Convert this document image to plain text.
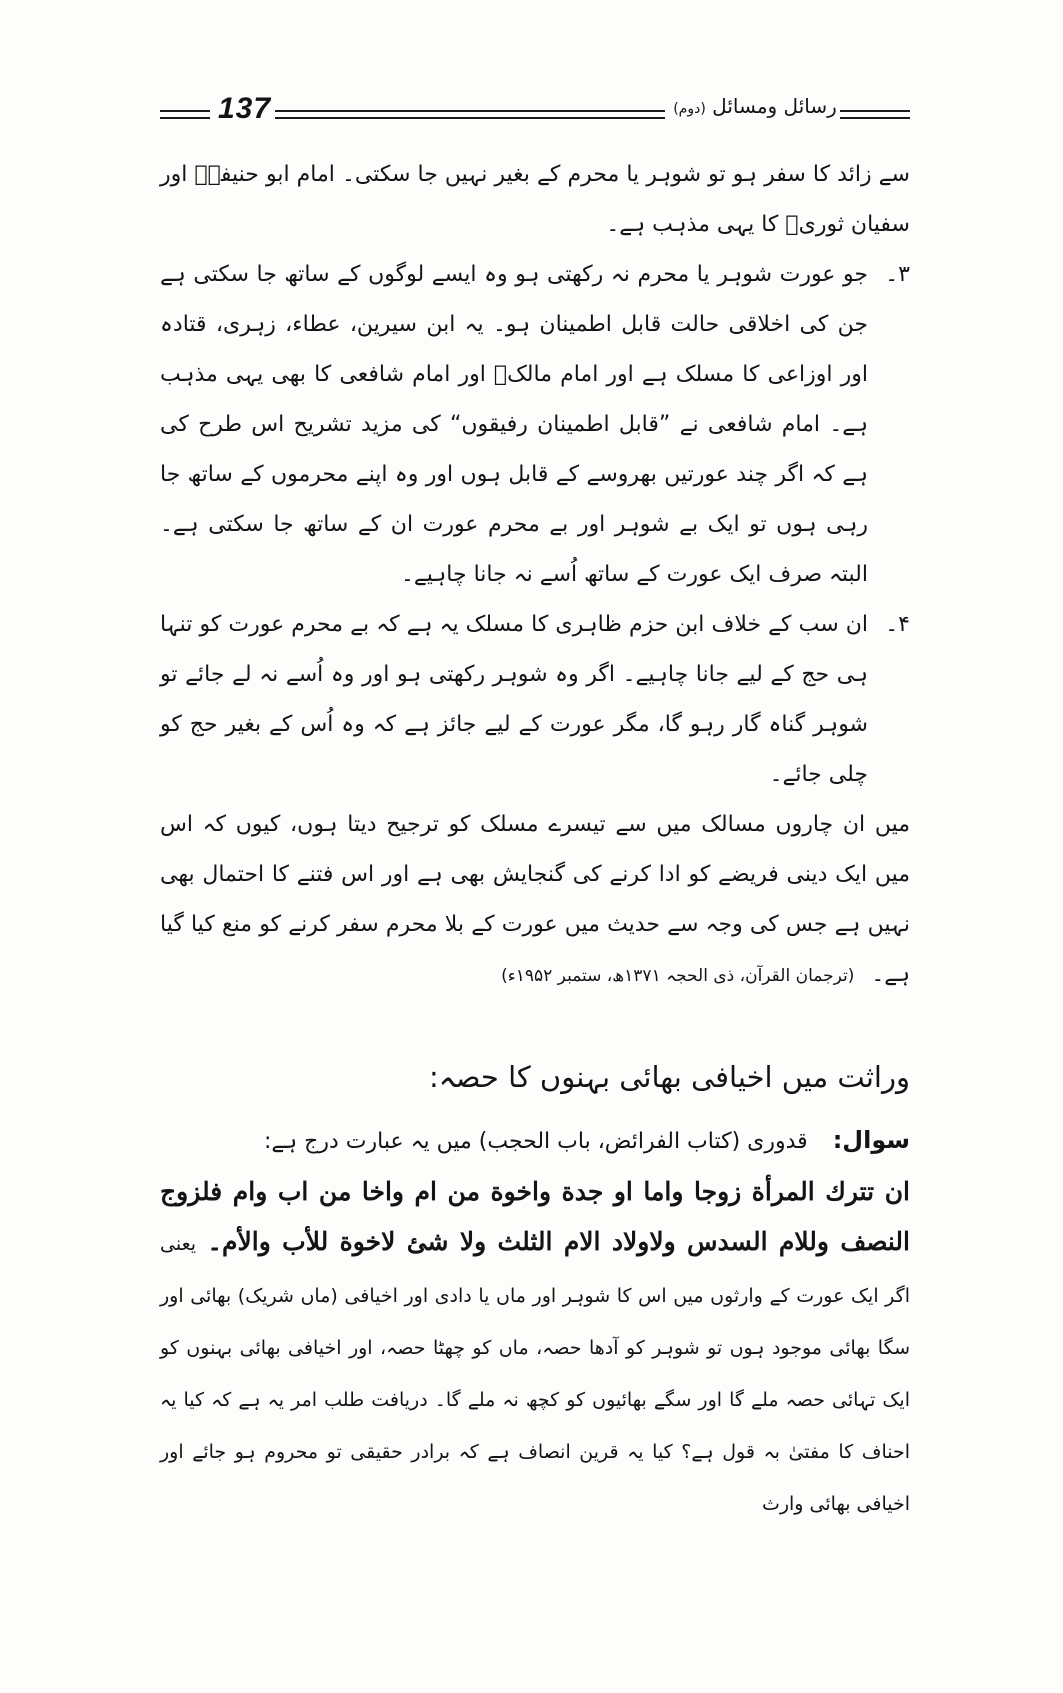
137	رسائل ومسائل (دوم)

سے زائد کا سفر ہو تو شوہر یا محرم کے بغیر نہیں جا سکتی۔ امام ابو حنیفہؒ اور سفیان ثوریؒ کا یہی مذہب ہے۔

۳۔

جو عورت شوہر یا محرم نہ رکھتی ہو وہ ایسے لوگوں کے ساتھ جا سکتی ہے جن کی اخلاقی حالت قابل اطمینان ہو۔ یہ ابن سیرین، عطاء، زہری، قتادہ اور اوزاعی کا مسلک ہے اور امام مالکؒ اور امام شافعی کا بھی یہی مذہب ہے۔ امام شافعی نے ”قابل اطمینان رفیقوں“ کی مزید تشریح اس طرح کی ہے کہ اگر چند عورتیں بھروسے کے قابل ہوں اور وہ اپنے محرموں کے ساتھ جا رہی ہوں تو ایک بے شوہر اور بے محرم عورت ان کے ساتھ جا سکتی ہے۔ البتہ صرف ایک عورت کے ساتھ اُسے نہ جانا چاہیے۔

۴۔

ان سب کے خلاف ابن حزم ظاہری کا مسلک یہ ہے کہ بے محرم عورت کو تنہا ہی حج کے لیے جانا چاہیے۔ اگر وہ شوہر رکھتی ہو اور وہ اُسے نہ لے جائے تو شوہر گناہ گار رہو گا، مگر عورت کے لیے جائز ہے کہ وہ اُس کے بغیر حج کو چلی جائے۔

میں ان چاروں مسالک میں سے تیسرے مسلک کو ترجیح دیتا ہوں، کیوں کہ اس میں ایک دینی فریضے کو ادا کرنے کی گنجایش بھی ہے اور اس فتنے کا احتمال بھی نہیں ہے جس کی وجہ سے حدیث میں عورت کے بلا محرم سفر کرنے کو منع کیا گیا ہے۔ (ترجمان القرآن، ذی الحجہ ۱۳۷۱ھ، ستمبر ۱۹۵۲ء)

وراثت میں اخیافی بھائی بہنوں کا حصہ:

سوال: قدوری (کتاب الفرائض، باب الحجب) میں یہ عبارت درج ہے:

ان تترك المرأة زوجا واما او جدة واخوة من ام واخا من اب وام فلزوج النصف وللام السدس ولاولاد الام الثلث ولا شئ لاخوة للأب والأم۔ یعنی اگر ایک عورت کے وارثوں میں اس کا شوہر اور ماں یا دادی اور اخیافی (ماں شریک) بھائی اور سگا بھائی موجود ہوں تو شوہر کو آدھا حصہ، ماں کو چھٹا حصہ، اور اخیافی بھائی بہنوں کو ایک تہائی حصہ ملے گا اور سگے بھائیوں کو کچھ نہ ملے گا۔ دریافت طلب امر یہ ہے کہ کیا یہ احناف کا مفتیٰ بہ قول ہے؟ کیا یہ قرین انصاف ہے کہ برادر حقیقی تو محروم ہو جائے اور اخیافی بھائی وارث
